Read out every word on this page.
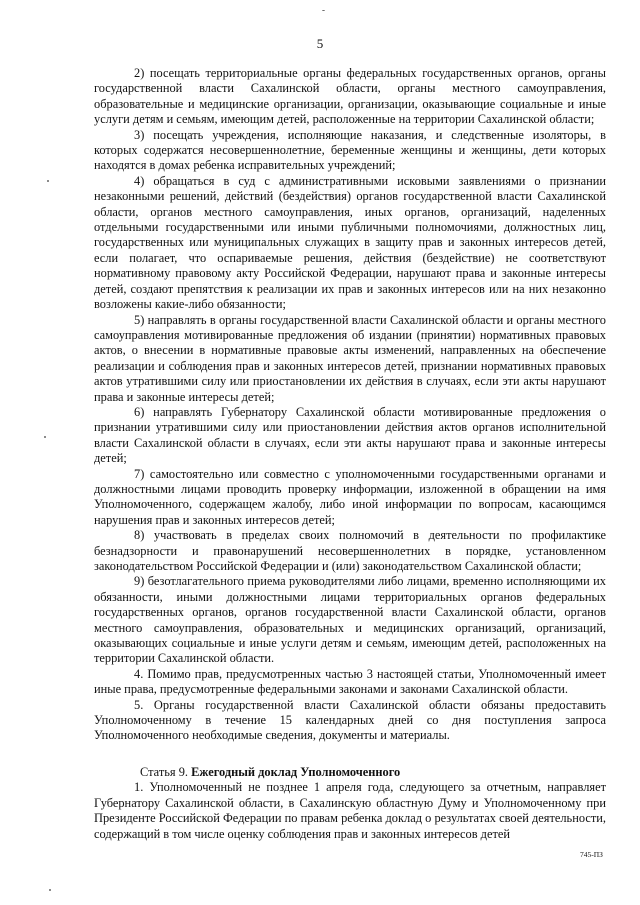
5

2) посещать территориальные органы федеральных государственных органов, органы государственной власти Сахалинской области, органы местного самоуправления, образовательные и медицинские организации, организации, оказывающие социальные и иные услуги детям и семьям, имеющим детей, расположенные на территории Сахалинской области;

3) посещать учреждения, исполняющие наказания, и следственные изоляторы, в которых содержатся несовершеннолетние, беременные женщины и женщины, дети которых находятся в домах ребенка исправительных учреждений;

4) обращаться в суд с административными исковыми заявлениями о признании незаконными решений, действий (бездействия) органов государственной власти Сахалинской области, органов местного самоуправления, иных органов, организаций, наделенных отдельными государственными или иными публичными полномочиями, должностных лиц, государственных или муниципальных служащих в защиту прав и законных интересов детей, если полагает, что оспариваемые решения, действия (бездействие) не соответствуют нормативному правовому акту Российской Федерации, нарушают права и законные интересы детей, создают препятствия к реализации их прав и законных интересов или на них незаконно возложены какие-либо обязанности;

5) направлять в органы государственной власти Сахалинской области и органы местного самоуправления мотивированные предложения об издании (принятии) нормативных правовых актов, о внесении в нормативные правовые акты изменений, направленных на обеспечение реализации и соблюдения прав и законных интересов детей, признании нормативных правовых актов утратившими силу или приостановлении их действия в случаях, если эти акты нарушают права и законные интересы детей;

6) направлять Губернатору Сахалинской области мотивированные предложения о признании утратившими силу или приостановлении действия актов органов исполнительной власти Сахалинской области в случаях, если эти акты нарушают права и законные интересы детей;

7) самостоятельно или совместно с уполномоченными государственными органами и должностными лицами проводить проверку информации, изложенной в обращении на имя Уполномоченного, содержащем жалобу, либо иной информации по вопросам, касающимся нарушения прав и законных интересов детей;

8) участвовать в пределах своих полномочий в деятельности по профилактике безнадзорности и правонарушений несовершеннолетних в порядке, установленном законодательством Российской Федерации и (или) законодательством Сахалинской области;

9) безотлагательного приема руководителями либо лицами, временно исполняющими их обязанности, иными должностными лицами территориальных органов федеральных государственных органов, органов государственной власти Сахалинской области, органов местного самоуправления, образовательных и медицинских организаций, организаций, оказывающих социальные и иные услуги детям и семьям, имеющим детей, расположенных на территории Сахалинской области.

4. Помимо прав, предусмотренных частью 3 настоящей статьи, Уполномоченный имеет иные права, предусмотренные федеральными законами и законами Сахалинской области.

5. Органы государственной власти Сахалинской области обязаны предоставить Уполномоченному в течение 15 календарных дней со дня поступления запроса Уполномоченного необходимые сведения, документы и материалы.

Статья 9. Ежегодный доклад Уполномоченного

1. Уполномоченный не позднее 1 апреля года, следующего за отчетным, направляет Губернатору Сахалинской области, в Сахалинскую областную Думу и Уполномоченному при Президенте Российской Федерации по правам ребенка доклад о результатах своей деятельности, содержащий в том числе оценку соблюдения прав и законных интересов детей

745-ПЗ
